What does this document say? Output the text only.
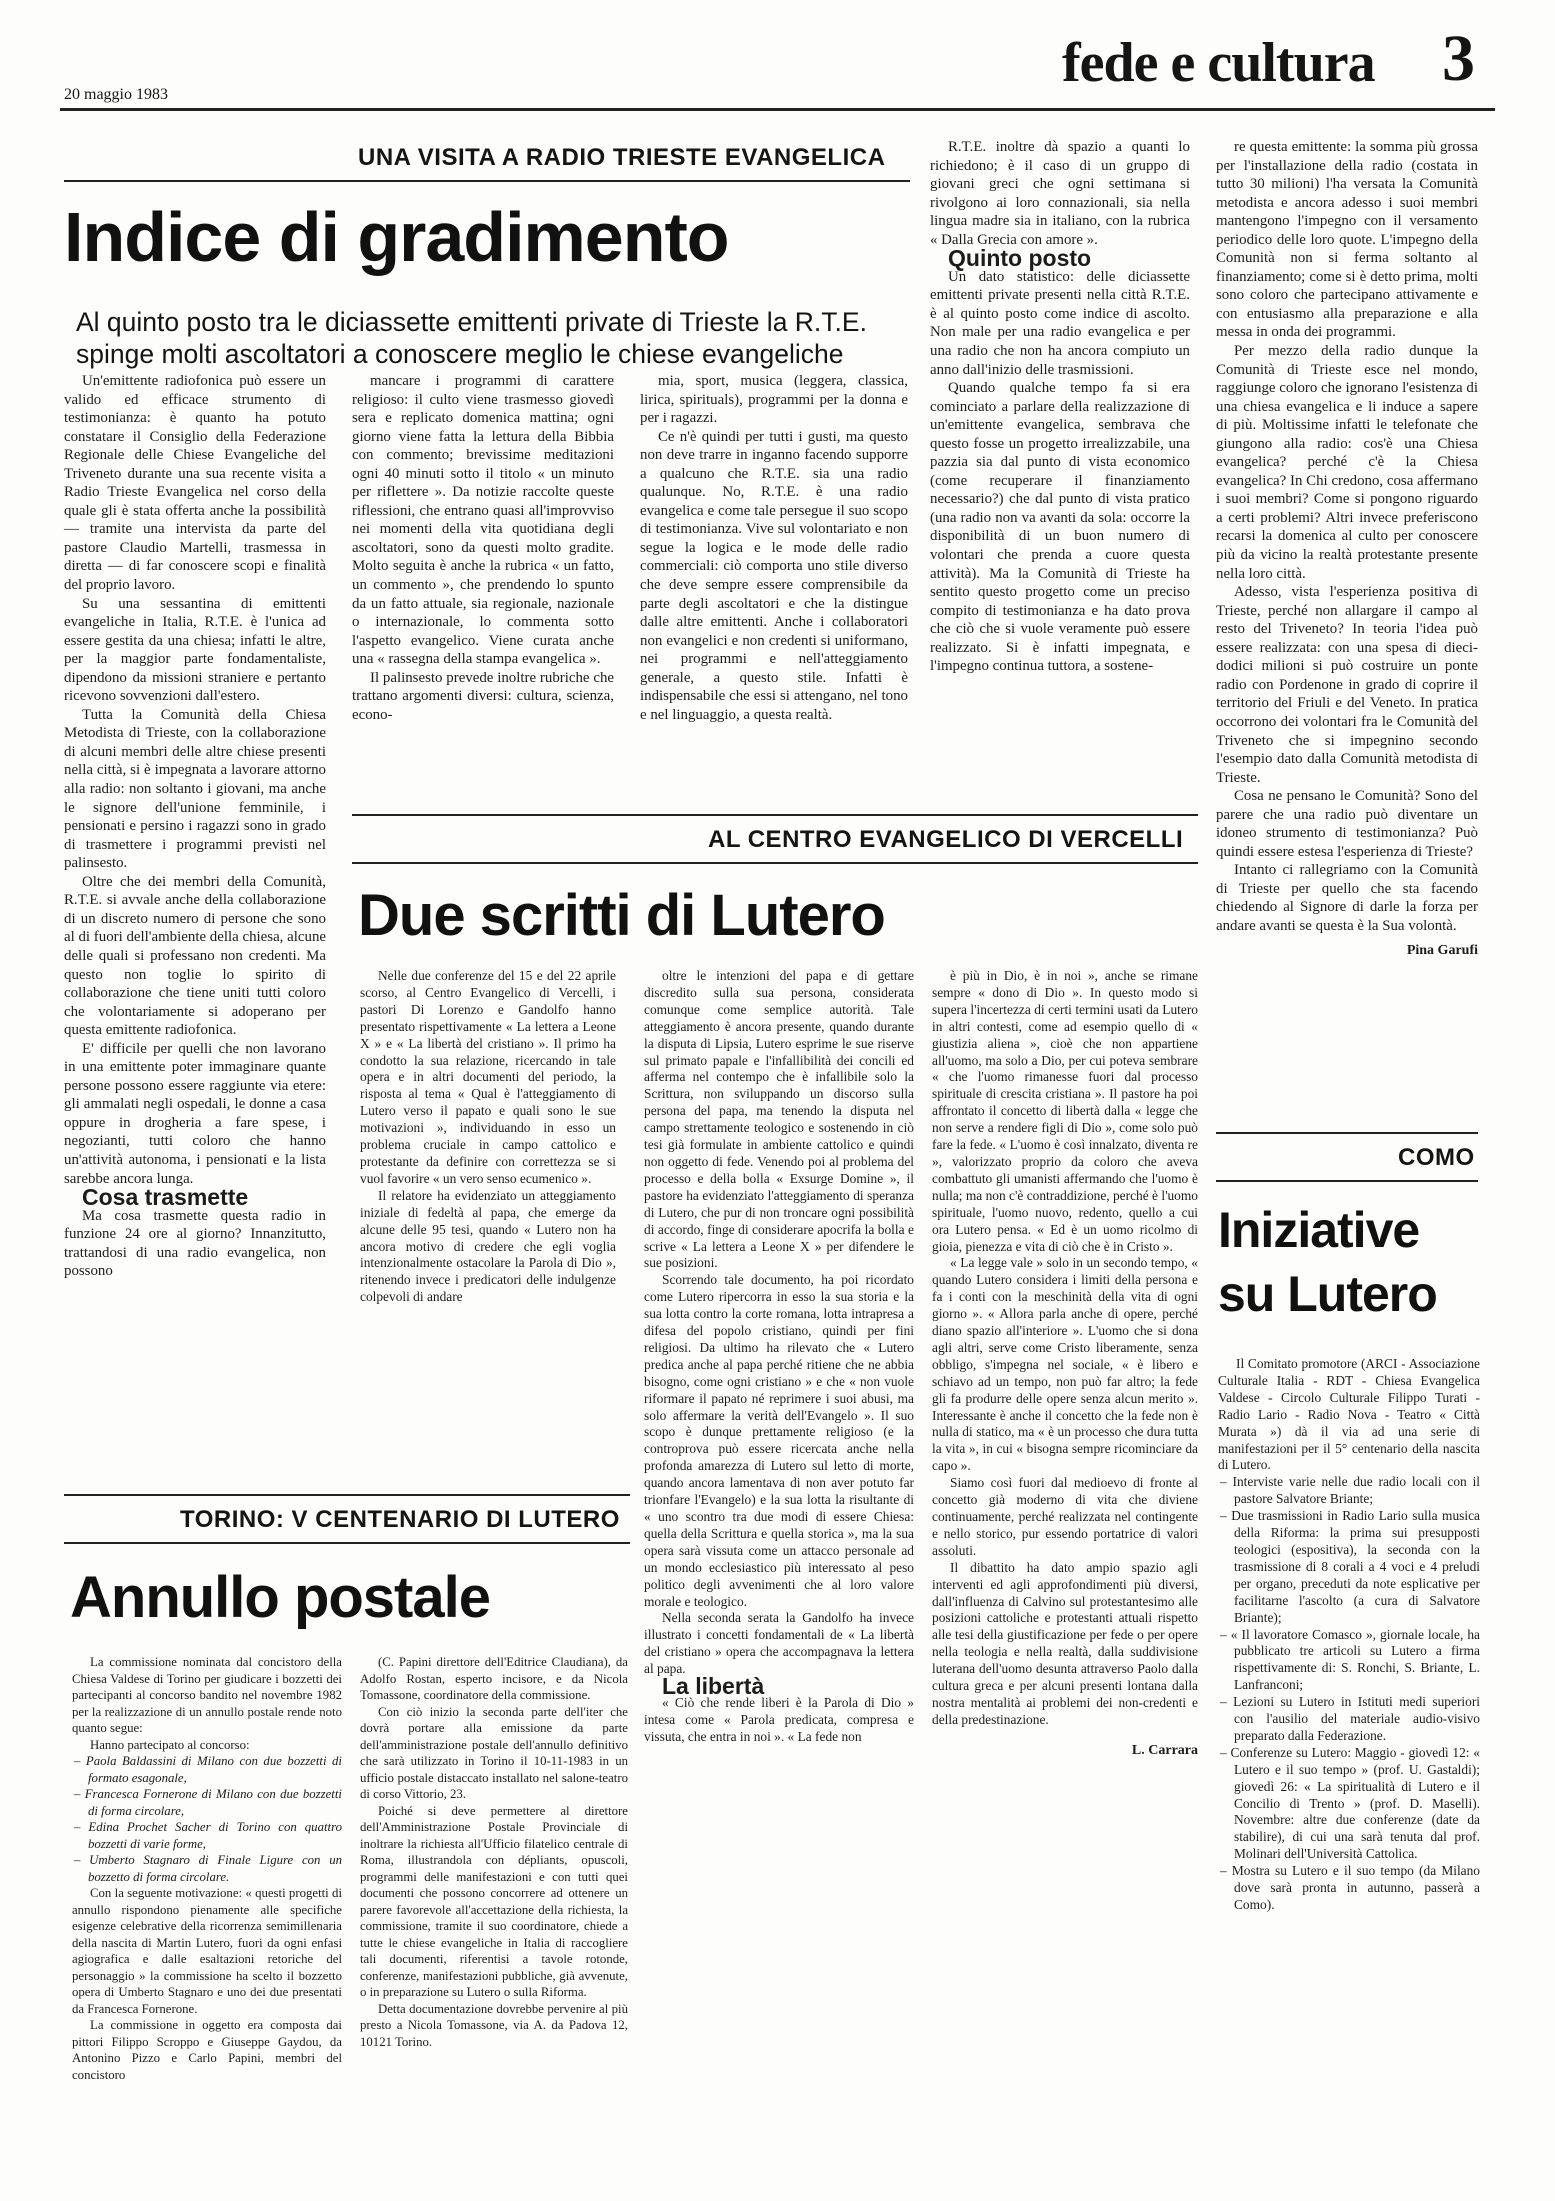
20 maggio 1983
fede e cultura 3
UNA VISITA A RADIO TRIESTE EVANGELICA
Indice di gradimento
Al quinto posto tra le diciassette emittenti private di Trieste la R.T.E. spinge molti ascoltatori a conoscere meglio le chiese evangeliche

Un'emittente radiofonica può essere un valido ed efficace strumento di testimonianza: è quanto ha potuto constatare il Consiglio della Federazione Regionale delle Chiese Evangeliche del Triveneto durante una sua recente visita a Radio Trieste Evangelica nel corso della quale gli è stata offerta anche la possibilità — tramite una intervista da parte del pastore Claudio Martelli, trasmessa in diretta — di far conoscere scopi e finalità del proprio lavoro.

Su una sessantina di emittenti evangeliche in Italia, R.T.E. è l'unica ad essere gestita da una chiesa; infatti le altre, per la maggior parte fondamentaliste, dipendono da missioni straniere e pertanto ricevono sovvenzioni dall'estero.

Tutta la Comunità della Chiesa Metodista di Trieste, con la collaborazione di alcuni membri delle altre chiese presenti nella città, si è impegnata a lavorare attorno alla radio: non soltanto i giovani, ma anche le signore dell'unione femminile, i pensionati e persino i ragazzi sono in grado di trasmettere i programmi previsti nel palinsesto.

Oltre che dei membri della Comunità, R.T.E. si avvale anche della collaborazione di un discreto numero di persone che sono al di fuori dell'ambiente della chiesa, alcune delle quali si professano non credenti. Ma questo non toglie lo spirito di collaborazione che tiene uniti tutti coloro che volontariamente si adoperano per questa emittente radiofonica.

E' difficile per quelli che non lavorano in una emittente poter immaginare quante persone possono essere raggiunte via etere: gli ammalati negli ospedali, le donne a casa oppure in drogheria a fare spese, i negozianti, tutti coloro che hanno un'attività autonoma, i pensionati e la lista sarebbe ancora lunga.

Cosa trasmette

Ma cosa trasmette questa radio in funzione 24 ore al giorno? Innanzitutto, trattandosi di una radio evangelica, non possono

mancare i programmi di carattere religioso: il culto viene trasmesso giovedì sera e replicato domenica mattina; ogni giorno viene fatta la lettura della Bibbia con commento; brevissime meditazioni ogni 40 minuti sotto il titolo « un minuto per riflettere ». Da notizie raccolte queste riflessioni, che entrano quasi all'improvviso nei momenti della vita quotidiana degli ascoltatori, sono da questi molto gradite. Molto seguita è anche la rubrica « un fatto, un commento », che prendendo lo spunto da un fatto attuale, sia regionale, nazionale o internazionale, lo commenta sotto l'aspetto evangelico. Viene curata anche una « rassegna della stampa evangelica ».

Il palinsesto prevede inoltre rubriche che trattano argomenti diversi: cultura, scienza, econo-

mia, sport, musica (leggera, classica, lirica, spirituals), programmi per la donna e per i ragazzi.

Ce n'è quindi per tutti i gusti, ma questo non deve trarre in inganno facendo supporre a qualcuno che R.T.E. sia una radio qualunque. No, R.T.E. è una radio evangelica e come tale persegue il suo scopo di testimonianza. Vive sul volontariato e non segue la logica e le mode delle radio commerciali: ciò comporta uno stile diverso che deve sempre essere comprensibile da parte degli ascoltatori e che la distingue dalle altre emittenti. Anche i collaboratori non evangelici e non credenti si uniformano, nei programmi e nell'atteggiamento generale, a questo stile. Infatti è indispensabile che essi si attengano, nel tono e nel linguaggio, a questa realtà.

R.T.E. inoltre dà spazio a quanti lo richiedono; è il caso di un gruppo di giovani greci che ogni settimana si rivolgono ai loro connazionali, sia nella lingua madre sia in italiano, con la rubrica « Dalla Grecia con amore ».

Quinto posto

Un dato statistico: delle diciassette emittenti private presenti nella città R.T.E. è al quinto posto come indice di ascolto. Non male per una radio evangelica e per una radio che non ha ancora compiuto un anno dall'inizio delle trasmissioni.

Quando qualche tempo fa si era cominciato a parlare della realizzazione di un'emittente evangelica, sembrava che questo fosse un progetto irrealizzabile, una pazzia sia dal punto di vista economico (come recuperare il finanziamento necessario?) che dal punto di vista pratico (una radio non va avanti da sola: occorre la disponibilità di un buon numero di volontari che prenda a cuore questa attività). Ma la Comunità di Trieste ha sentito questo progetto come un preciso compito di testimonianza e ha dato prova che ciò che si vuole veramente può essere realizzato. Si è infatti impegnata, e l'impegno continua tuttora, a sostene-

re questa emittente: la somma più grossa per l'installazione della radio (costata in tutto 30 milioni) l'ha versata la Comunità metodista e ancora adesso i suoi membri mantengono l'impegno con il versamento periodico delle loro quote. L'impegno della Comunità non si ferma soltanto al finanziamento; come si è detto prima, molti sono coloro che partecipano attivamente e con entusiasmo alla preparazione e alla messa in onda dei programmi.

Per mezzo della radio dunque la Comunità di Trieste esce nel mondo, raggiunge coloro che ignorano l'esistenza di una chiesa evangelica e li induce a sapere di più. Moltissime infatti le telefonate che giungono alla radio: cos'è una Chiesa evangelica? perché c'è la Chiesa evangelica? In Chi credono, cosa affermano i suoi membri? Come si pongono riguardo a certi problemi? Altri invece preferiscono recarsi la domenica al culto per conoscere più da vicino la realtà protestante presente nella loro città.

Adesso, vista l'esperienza positiva di Trieste, perché non allargare il campo al resto del Triveneto? In teoria l'idea può essere realizzata: con una spesa di dieci-dodici milioni si può costruire un ponte radio con Pordenone in grado di coprire il territorio del Friuli e del Veneto. In pratica occorrono dei volontari fra le Comunità del Triveneto che si impegnino secondo l'esempio dato dalla Comunità metodista di Trieste.

Cosa ne pensano le Comunità? Sono del parere che una radio può diventare un idoneo strumento di testimonianza? Può quindi essere estesa l'esperienza di Trieste?

Intanto ci rallegriamo con la Comunità di Trieste per quello che sta facendo chiedendo al Signore di darle la forza per andare avanti se questa è la Sua volontà.

Pina Garufi

AL CENTRO EVANGELICO DI VERCELLI
Due scritti di Lutero

Nelle due conferenze del 15 e del 22 aprile scorso, al Centro Evangelico di Vercelli, i pastori Di Lorenzo e Gandolfo hanno presentato rispettivamente « La lettera a Leone X » e « La libertà del cristiano ». Il primo ha condotto la sua relazione, ricercando in tale opera e in altri documenti del periodo, la risposta al tema « Qual è l'atteggiamento di Lutero verso il papato e quali sono le sue motivazioni », individuando in esso un problema cruciale in campo cattolico e protestante da definire con correttezza se si vuol favorire « un vero senso ecumenico ».

Il relatore ha evidenziato un atteggiamento iniziale di fedeltà al papa, che emerge da alcune delle 95 tesi, quando « Lutero non ha ancora motivo di credere che egli voglia intenzionalmente ostacolare la Parola di Dio », ritenendo invece i predicatori delle indulgenze colpevoli di andare

oltre le intenzioni del papa e di gettare discredito sulla sua persona, considerata comunque come semplice autorità. Tale atteggiamento è ancora presente, quando durante la disputa di Lipsia, Lutero esprime le sue riserve sul primato papale e l'infallibilità dei concili ed afferma nel contempo che è infallibile solo la Scrittura, non sviluppando un discorso sulla persona del papa, ma tenendo la disputa nel campo strettamente teologico e sostenendo in ciò tesi già formulate in ambiente cattolico e quindi non oggetto di fede. Venendo poi al problema del processo e della bolla « Exsurge Domine », il pastore ha evidenziato l'atteggiamento di speranza di Lutero, che pur di non troncare ogni possibilità di accordo, finge di considerare apocrifa la bolla e scrive « La lettera a Leone X » per difendere le sue posizioni.

Scorrendo tale documento, ha poi ricordato come Lutero ripercorra in esso la sua storia e la sua lotta contro la corte romana, lotta intrapresa a difesa del popolo cristiano, quindi per fini religiosi. Da ultimo ha rilevato che « Lutero predica anche al papa perché ritiene che ne abbia bisogno, come ogni cristiano » e che « non vuole riformare il papato né reprimere i suoi abusi, ma solo affermare la verità dell'Evangelo ». Il suo scopo è dunque prettamente religioso (e la controprova può essere ricercata anche nella profonda amarezza di Lutero sul letto di morte, quando ancora lamentava di non aver potuto far trionfare l'Evangelo) e la sua lotta la risultante di « uno scontro tra due modi di essere Chiesa: quella della Scrittura e quella storica », ma la sua opera sarà vissuta come un attacco personale ad un mondo ecclesiastico più interessato al peso politico degli avvenimenti che al loro valore morale e teologico.

Nella seconda serata la Gandolfo ha invece illustrato i concetti fondamentali de « La libertà del cristiano » opera che accompagnava la lettera al papa.

La libertà

« Ciò che rende liberi è la Parola di Dio » intesa come « Parola predicata, compresa e vissuta, che entra in noi ». « La fede non

è più in Dio, è in noi », anche se rimane sempre « dono di Dio ». In questo modo si supera l'incertezza di certi termini usati da Lutero in altri contesti, come ad esempio quello di « giustizia aliena », cioè che non appartiene all'uomo, ma solo a Dio, per cui poteva sembrare « che l'uomo rimanesse fuori dal processo spirituale di crescita cristiana ». Il pastore ha poi affrontato il concetto di libertà dalla « legge che non serve a rendere figli di Dio », come solo può fare la fede. « L'uomo è così innalzato, diventa re », valorizzato proprio da coloro che aveva combattuto gli umanisti affermando che l'uomo è nulla; ma non c'è contraddizione, perché è l'uomo spirituale, l'uomo nuovo, redento, quello a cui ora Lutero pensa. « Ed è un uomo ricolmo di gioia, pienezza e vita di ciò che è in Cristo ».

« La legge vale » solo in un secondo tempo, « quando Lutero considera i limiti della persona e fa i conti con la meschinità della vita di ogni giorno ». « Allora parla anche di opere, perché diano spazio all'interiore ». L'uomo che si dona agli altri, serve come Cristo liberamente, senza obbligo, s'impegna nel sociale, « è libero e schiavo ad un tempo, non può far altro; la fede gli fa produrre delle opere senza alcun merito ». Interessante è anche il concetto che la fede non è nulla di statico, ma « è un processo che dura tutta la vita », in cui « bisogna sempre ricominciare da capo ».

Siamo così fuori dal medioevo di fronte al concetto già moderno di vita che diviene continuamente, perché realizzata nel contingente e nello storico, pur essendo portatrice di valori assoluti.

Il dibattito ha dato ampio spazio agli interventi ed agli approfondimenti più diversi, dall'influenza di Calvino sul protestantesimo alle posizioni cattoliche e protestanti attuali rispetto alle tesi della giustificazione per fede o per opere nella teologia e nella realtà, dalla suddivisione luterana dell'uomo desunta attraverso Paolo dalla cultura greca e per alcuni presenti lontana dalla nostra mentalità ai problemi dei non-credenti e della predestinazione.

L. Carrara

TORINO: V CENTENARIO DI LUTERO
Annullo postale

La commissione nominata dal concistoro della Chiesa Valdese di Torino per giudicare i bozzetti dei partecipanti al concorso bandito nel novembre 1982 per la realizzazione di un annullo postale rende noto quanto segue:

Hanno partecipato al concorso:

– Paola Baldassini di Milano con due bozzetti di formato esagonale,
– Francesca Fornerone di Milano con due bozzetti di forma circolare,
– Edina Prochet Sacher di Torino con quattro bozzetti di varie forme,
– Umberto Stagnaro di Finale Ligure con un bozzetto di forma circolare.

Con la seguente motivazione: « questi progetti di annullo rispondono pienamente alle specifiche esigenze celebrative della ricorrenza semimillenaria della nascita di Martin Lutero, fuori da ogni enfasi agiografica e dalle esaltazioni retoriche del personaggio » la commissione ha scelto il bozzetto opera di Umberto Stagnaro e uno dei due presentati da Francesca Fornerone.

La commissione in oggetto era composta dai pittori Filippo Scroppo e Giuseppe Gaydou, da Antonino Pizzo e Carlo Papini, membri del concistoro

(C. Papini direttore dell'Editrice Claudiana), da Adolfo Rostan, esperto incisore, e da Nicola Tomassone, coordinatore della commissione.

Con ciò inizio la seconda parte dell'iter che dovrà portare alla emissione da parte dell'amministrazione postale dell'annullo definitivo che sarà utilizzato in Torino il 10-11-1983 in un ufficio postale distaccato installato nel salone-teatro di corso Vittorio, 23.

Poiché si deve permettere al direttore dell'Amministrazione Postale Provinciale di inoltrare la richiesta all'Ufficio filatelico centrale di Roma, illustrandola con dépliants, opuscoli, programmi delle manifestazioni e con tutti quei documenti che possono concorrere ad ottenere un parere favorevole all'accettazione della richiesta, la commissione, tramite il suo coordinatore, chiede a tutte le chiese evangeliche in Italia di raccogliere tali documenti, riferentisi a tavole rotonde, conferenze, manifestazioni pubbliche, già avvenute, o in preparazione su Lutero o sulla Riforma.

Detta documentazione dovrebbe pervenire al più presto a Nicola Tomassone, via A. da Padova 12, 10121 Torino.

COMO
Iniziative
su Lutero

Il Comitato promotore (ARCI - Associazione Culturale Italia - RDT - Chiesa Evangelica Valdese - Circolo Culturale Filippo Turati - Radio Lario - Radio Nova - Teatro « Città Murata ») dà il via ad una serie di manifestazioni per il 5° centenario della nascita di Lutero.

– Interviste varie nelle due radio locali con il pastore Salvatore Briante;
– Due trasmissioni in Radio Lario sulla musica della Riforma: la prima sui presupposti teologici (espositiva), la seconda con la trasmissione di 8 corali a 4 voci e 4 preludi per organo, preceduti da note esplicative per facilitarne l'ascolto (a cura di Salvatore Briante);
– « Il lavoratore Comasco », giornale locale, ha pubblicato tre articoli su Lutero a firma rispettivamente di: S. Ronchi, S. Briante, L. Lanfranconi;
– Lezioni su Lutero in Istituti medi superiori con l'ausilio del materiale audio-visivo preparato dalla Federazione.
– Conferenze su Lutero: Maggio - giovedì 12: « Lutero e il suo tempo » (prof. U. Gastaldi); giovedì 26: « La spiritualità di Lutero e il Concilio di Trento » (prof. D. Maselli). Novembre: altre due conferenze (date da stabilire), di cui una sarà tenuta dal prof. Molinari dell'Università Cattolica.
– Mostra su Lutero e il suo tempo (da Milano dove sarà pronta in autunno, passerà a Como).
